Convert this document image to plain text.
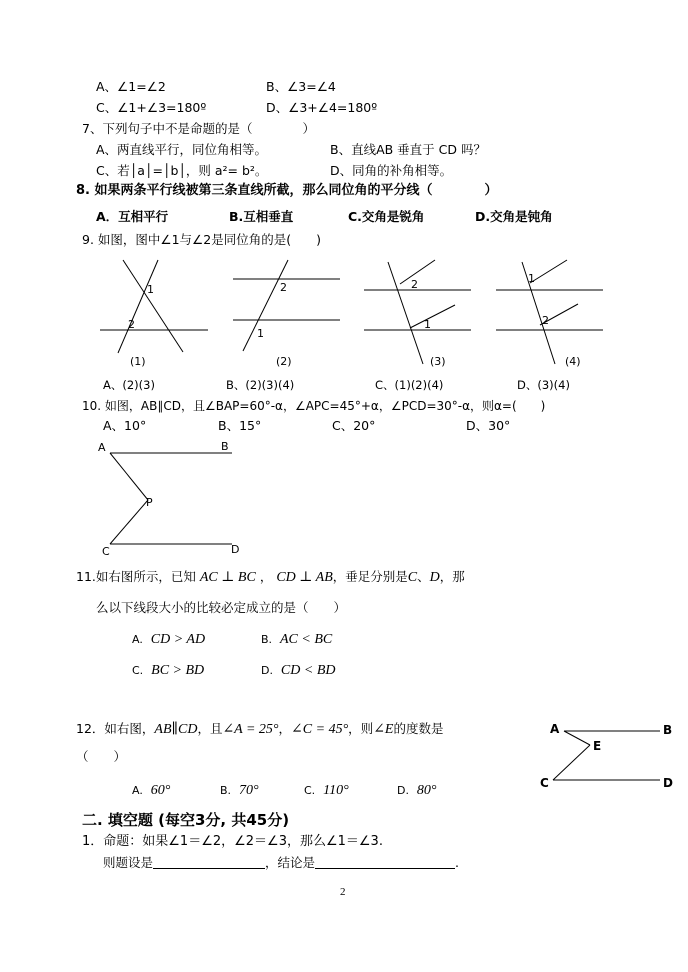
A、∠1=∠2	B、∠3=∠4
C、∠1+∠3=180º	D、∠3+∠4=180º
7、下列句子中不是命题的是（　　　　）
A、两直线平行，同位角相等。	B、直线AB 垂直于 CD 吗？
C、若│a│=│b│，则 a²= b²。	D、同角的补角相等。
8. 如果两条平行线被第三条直线所截，那么同位角的平分线（　　　　）
A．互相平行	B.互相垂直	C.交角是锐角	D.交角是钝角
9. 如图，图中∠1与∠2是同位角的是(　　)
1
2
(1)
2
1
(2)
2
1
(3)
1
2
(4)
A、(2)(3)	B、(2)(3)(4)	C、(1)(2)(4)	D、(3)(4)
10. 如图，AB∥CD，且∠BAP=60°-α，∠APC=45°+α，∠PCD=30°-α，则α=(　　)
A、10°	B、15°	C、20°	D、30°
A	B
P
C	D
11.如右图所示，已知 AC ⊥ BC ， CD ⊥ AB，垂足分别是C、D，那
么以下线段大小的比较必定成立的是（　　）
A. CD > AD	B. AC < BC
C. BC > BD	D. CD < BD
12．如右图，AB∥CD，且∠A = 25°，∠C = 45°，则∠E的度数是
（　　）
A. 60°	B. 70°	C. 110°	D. 80°
A	B
E
C	D
二. 填空题 (每空3分, 共45分)
1．命题：如果∠1＝∠2，∠2＝∠3，那么∠1＝∠3.
则题设是	，结论是	.
2
